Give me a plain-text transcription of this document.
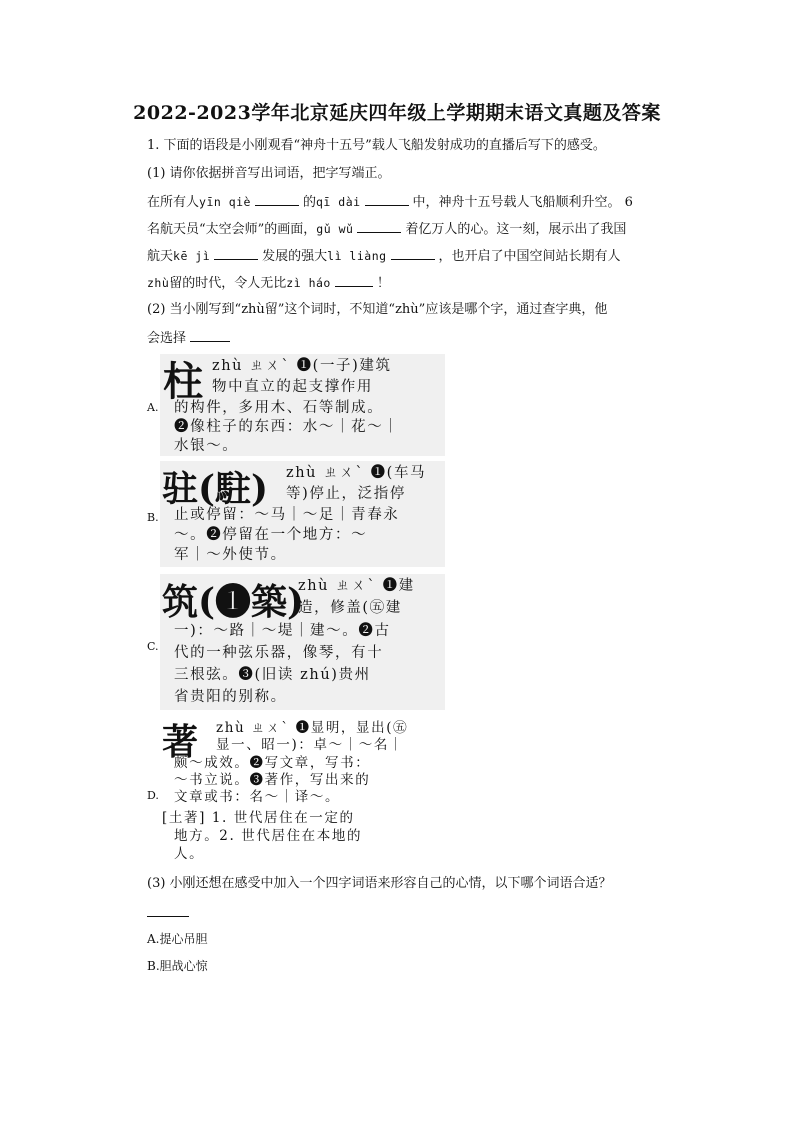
2022-2023学年北京延庆四年级上学期期末语文真题及答案
1. 下面的语段是小刚观看“神舟十五号”载人飞船发射成功的直播后写下的感受。
(1) 请你依据拼音写出词语，把字写端正。
在所有人yīn qiè	的qī dài	中，神舟十五号载人飞船顺利升空。 6
名航天员“太空会师”的画面，gǔ wǔ	着亿万人的心。这一刻，展示出了我国
航天kē jì	发展的强大lì liàng	，也开启了中国空间站长期有人
zhù留的时代，令人无比zì háo	！
(2) 当小刚写到“zhù留”这个词时，不知道“zhù”应该是哪个字，通过查字典，他
会选择
A.
柱 zhù ㄓㄨˋ ❶(一子)建筑
物中直立的起支撑作用
的构件，多用木、石等制成。
❷像柱子的东西：水～｜花～｜
水银～。
B.
驻(駐) zhù ㄓㄨˋ ❶(车马
等)停止，泛指停
止或停留：～马｜～足｜青春永
～。❷停留在一个地方：～
军｜～外使节。
C.
筑(❶築)
zhù ㄓㄨˋ ❶建
造，修盖(㊄建
一)：～路｜～堤｜建～。❷古
代的一种弦乐器，像琴，有十
三根弦。❸(旧读 zhú)贵州
省贵阳的别称。
D.
著 zhù ㄓㄨˋ ❶显明，显出(㊄
显一、昭一)：卓～｜～名｜
颇～成效。❷写文章，写书：
～书立说。❸著作，写出来的
文章或书：名～｜译～。
[土著] 1. 世代居住在一定的
地方。2. 世代居住在本地的
人。
(3) 小刚还想在感受中加入一个四字词语来形容自己的心情，以下哪个词语合适？
A.提心吊胆
B.胆战心惊
